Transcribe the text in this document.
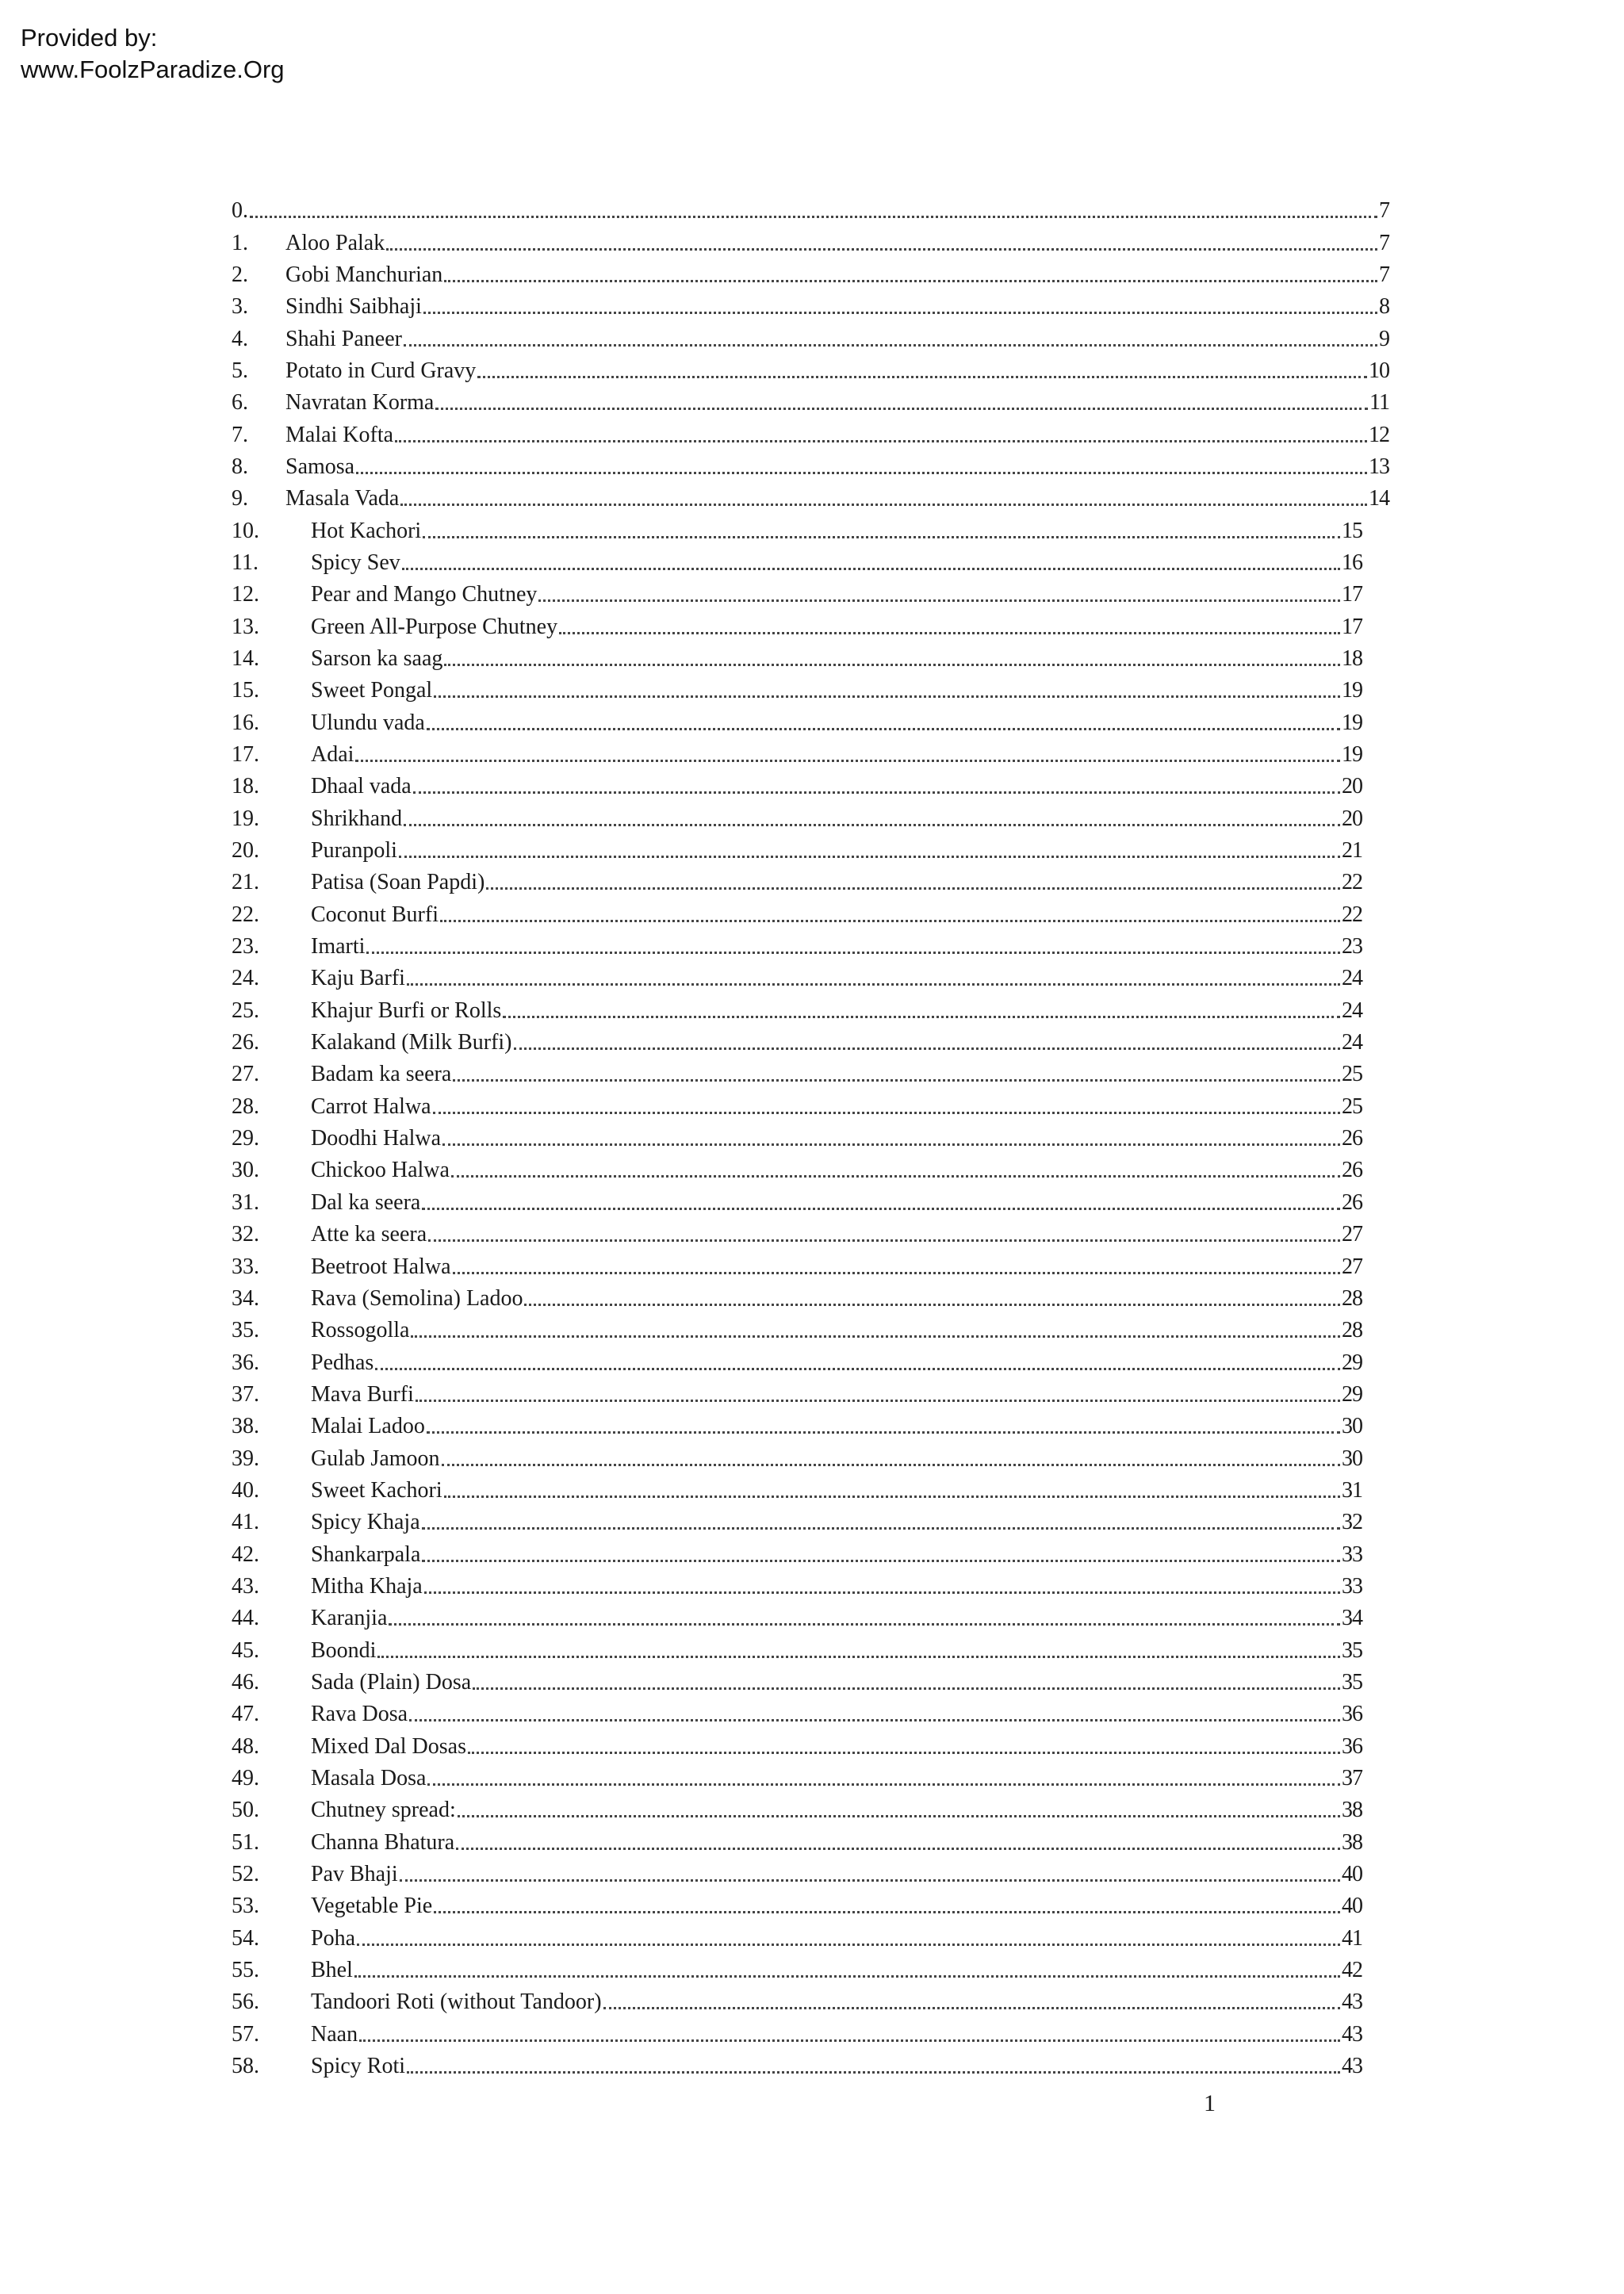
Provided by:
www.FoolzParadize.Org
0.	7
1.	Aloo Palak	7
2.	Gobi Manchurian	7
3.	Sindhi Saibhaji	8
4.	Shahi Paneer	9
5.	Potato in Curd Gravy	10
6.	Navratan Korma	11
7.	Malai Kofta	12
8.	Samosa	13
9.	Masala Vada	14
10.	Hot Kachori	15
11.	Spicy Sev	16
12.	Pear and Mango Chutney	17
13.	Green All-Purpose Chutney	17
14.	Sarson ka saag	18
15.	Sweet Pongal	19
16.	Ulundu vada	19
17.	Adai	19
18.	Dhaal vada	20
19.	Shrikhand	20
20.	Puranpoli	21
21.	Patisa (Soan Papdi)	22
22.	Coconut Burfi	22
23.	Imarti	23
24.	Kaju Barfi	24
25.	Khajur Burfi or Rolls	24
26.	Kalakand (Milk Burfi)	24
27.	Badam ka seera	25
28.	Carrot Halwa	25
29.	Doodhi Halwa	26
30.	Chickoo Halwa	26
31.	Dal ka seera	26
32.	Atte ka seera	27
33.	Beetroot Halwa	27
34.	Rava (Semolina) Ladoo	28
35.	Rossogolla	28
36.	Pedhas	29
37.	Mava Burfi	29
38.	Malai Ladoo	30
39.	Gulab Jamoon	30
40.	Sweet Kachori	31
41.	Spicy Khaja	32
42.	Shankarpala	33
43.	Mitha Khaja	33
44.	Karanjia	34
45.	Boondi	35
46.	Sada (Plain) Dosa	35
47.	Rava Dosa	36
48.	Mixed Dal Dosas	36
49.	Masala Dosa	37
50.	Chutney spread:	38
51.	Channa Bhatura	38
52.	Pav Bhaji	40
53.	Vegetable Pie	40
54.	Poha	41
55.	Bhel	42
56.	Tandoori Roti (without Tandoor)	43
57.	Naan	43
58.	Spicy Roti	43
1
